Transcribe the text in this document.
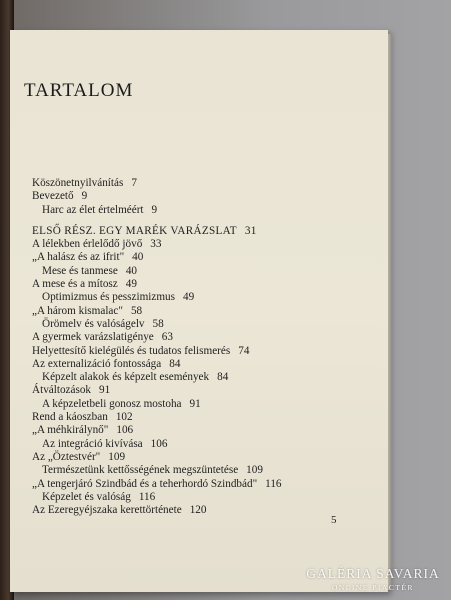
TARTALOM
Köszönetnyilvánítás 7
Bevezető 9
Harc az élet értelméért 9
ELSŐ RÉSZ. EGY MARÉK VARÁZSLAT 31
A lélekben érlelődő jövő 33
„A halász és az ifrit" 40
Mese és tanmese 40
A mese és a mítosz 49
Optimizmus és pesszimizmus 49
„A három kismalac" 58
Örömelv és valóságelv 58
A gyermek varázslatigénye 63
Helyettesítő kielégülés és tudatos felismerés 74
Az externalizáció fontossága 84
Képzelt alakok és képzelt események 84
Átváltozások 91
A képzeletbeli gonosz mostoha 91
Rend a káoszban 102
„A méhkirálynő" 106
Az integráció kivívása 106
Az „Öztestvér" 109
Természetünk kettősségének megszüntetése 109
„A tengerjáró Szindbád és a teherhordó Szindbád" 116
Képzelet és valóság 116
Az Ezeregyéjszaka kerettörténete 120
5
GALÉRIA SAVARIA
ONLINE PIACTÉR
